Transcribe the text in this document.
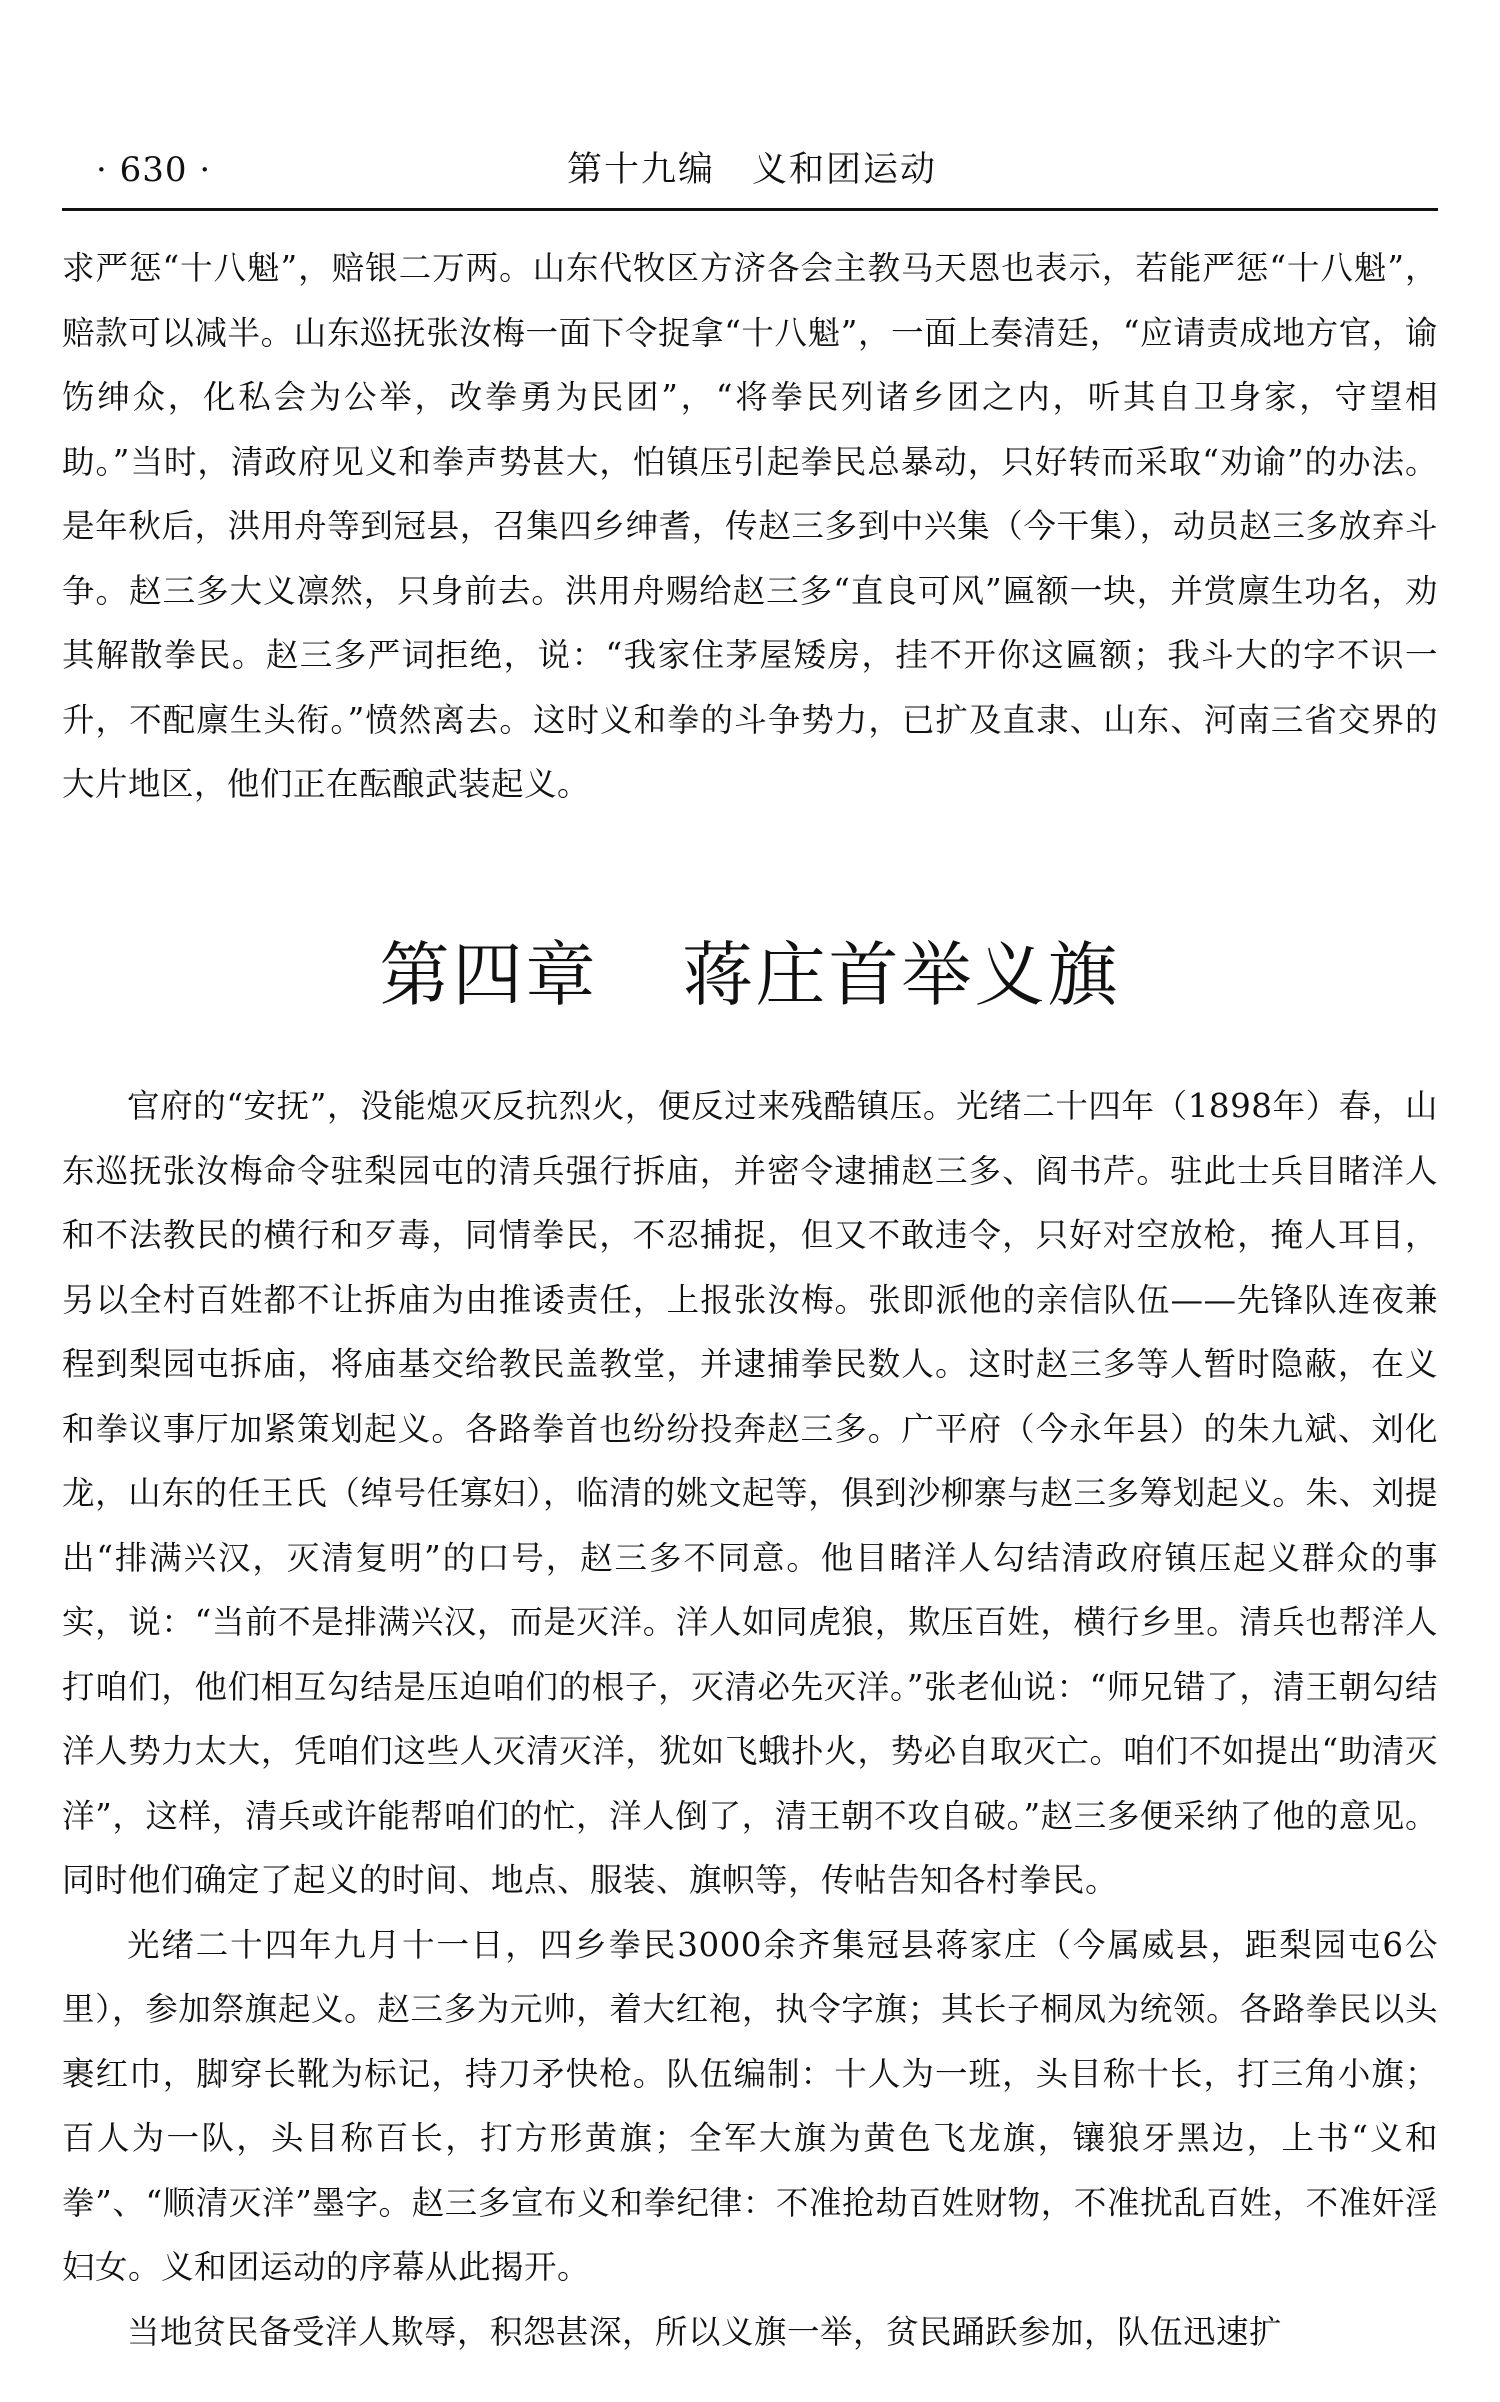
· 630 ·	第十九编　义和团运动

求严惩“十八魁”，赔银二万两。山东代牧区方济各会主教马天恩也表示，若能严惩“十八魁”，赔款可以减半。山东巡抚张汝梅一面下令捉拿“十八魁”，一面上奏清廷，“应请责成地方官，谕饬绅众，化私会为公举，改拳勇为民团”，“将拳民列诸乡团之内，听其自卫身家，守望相助。”当时，清政府见义和拳声势甚大，怕镇压引起拳民总暴动，只好转而采取“劝谕”的办法。是年秋后，洪用舟等到冠县，召集四乡绅耆，传赵三多到中兴集（今干集），动员赵三多放弃斗争。赵三多大义凛然，只身前去。洪用舟赐给赵三多“直良可风”匾额一块，并赏廪生功名，劝其解散拳民。赵三多严词拒绝，说：“我家住茅屋矮房，挂不开你这匾额；我斗大的字不识一升，不配廪生头衔。”愤然离去。这时义和拳的斗争势力，已扩及直隶、山东、河南三省交界的大片地区，他们正在酝酿武装起义。

第四章 蒋庄首举义旗

官府的“安抚”，没能熄灭反抗烈火，便反过来残酷镇压。光绪二十四年（1898年）春，山东巡抚张汝梅命令驻梨园屯的清兵强行拆庙，并密令逮捕赵三多、阎书芹。驻此士兵目睹洋人和不法教民的横行和歹毒，同情拳民，不忍捕捉，但又不敢违令，只好对空放枪，掩人耳目，另以全村百姓都不让拆庙为由推诿责任，上报张汝梅。张即派他的亲信队伍——先锋队连夜兼程到梨园屯拆庙，将庙基交给教民盖教堂，并逮捕拳民数人。这时赵三多等人暂时隐蔽，在义和拳议事厅加紧策划起义。各路拳首也纷纷投奔赵三多。广平府（今永年县）的朱九斌、刘化龙，山东的任王氏（绰号任寡妇），临清的姚文起等，俱到沙柳寨与赵三多筹划起义。朱、刘提出“排满兴汉，灭清复明”的口号，赵三多不同意。他目睹洋人勾结清政府镇压起义群众的事实，说：“当前不是排满兴汉，而是灭洋。洋人如同虎狼，欺压百姓，横行乡里。清兵也帮洋人打咱们，他们相互勾结是压迫咱们的根子，灭清必先灭洋。”张老仙说：“师兄错了，清王朝勾结洋人势力太大，凭咱们这些人灭清灭洋，犹如飞蛾扑火，势必自取灭亡。咱们不如提出“助清灭洋”，这样，清兵或许能帮咱们的忙，洋人倒了，清王朝不攻自破。”赵三多便采纳了他的意见。同时他们确定了起义的时间、地点、服装、旗帜等，传帖告知各村拳民。

光绪二十四年九月十一日，四乡拳民3000余齐集冠县蒋家庄（今属威县，距梨园屯6公里），参加祭旗起义。赵三多为元帅，着大红袍，执令字旗；其长子桐凤为统领。各路拳民以头裹红巾，脚穿长靴为标记，持刀矛快枪。队伍编制：十人为一班，头目称十长，打三角小旗；百人为一队，头目称百长，打方形黄旗；全军大旗为黄色飞龙旗，镶狼牙黑边，上书“义和拳”、“顺清灭洋”墨字。赵三多宣布义和拳纪律：不准抢劫百姓财物，不准扰乱百姓，不准奸淫妇女。义和团运动的序幕从此揭开。

当地贫民备受洋人欺辱，积怨甚深，所以义旗一举，贫民踊跃参加，队伍迅速扩
